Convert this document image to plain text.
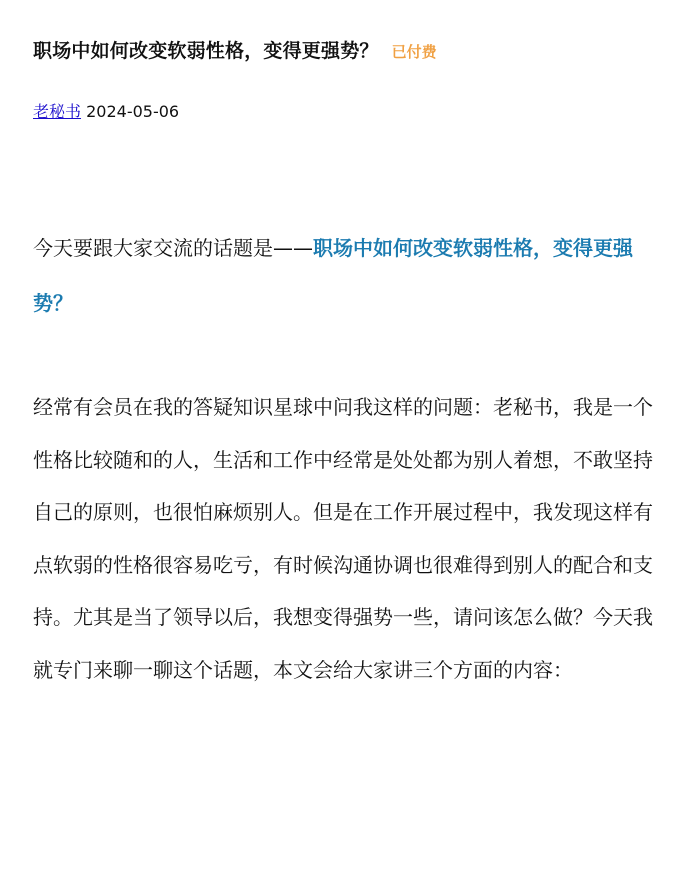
职场中如何改变软弱性格，变得更强势？ 已付费
老秘书 2024-05-06

今天要跟大家交流的话题是——职场中如何改变软弱性格，变得更强势？

经常有会员在我的答疑知识星球中问我这样的问题：老秘书，我是一个性格比较随和的人，生活和工作中经常是处处都为别人着想，不敢坚持自己的原则，也很怕麻烦别人。但是在工作开展过程中，我发现这样有点软弱的性格很容易吃亏，有时候沟通协调也很难得到别人的配合和支持。尤其是当了领导以后，我想变得强势一些，请问该怎么做？今天我就专门来聊一聊这个话题，本文会给大家讲三个方面的内容：
